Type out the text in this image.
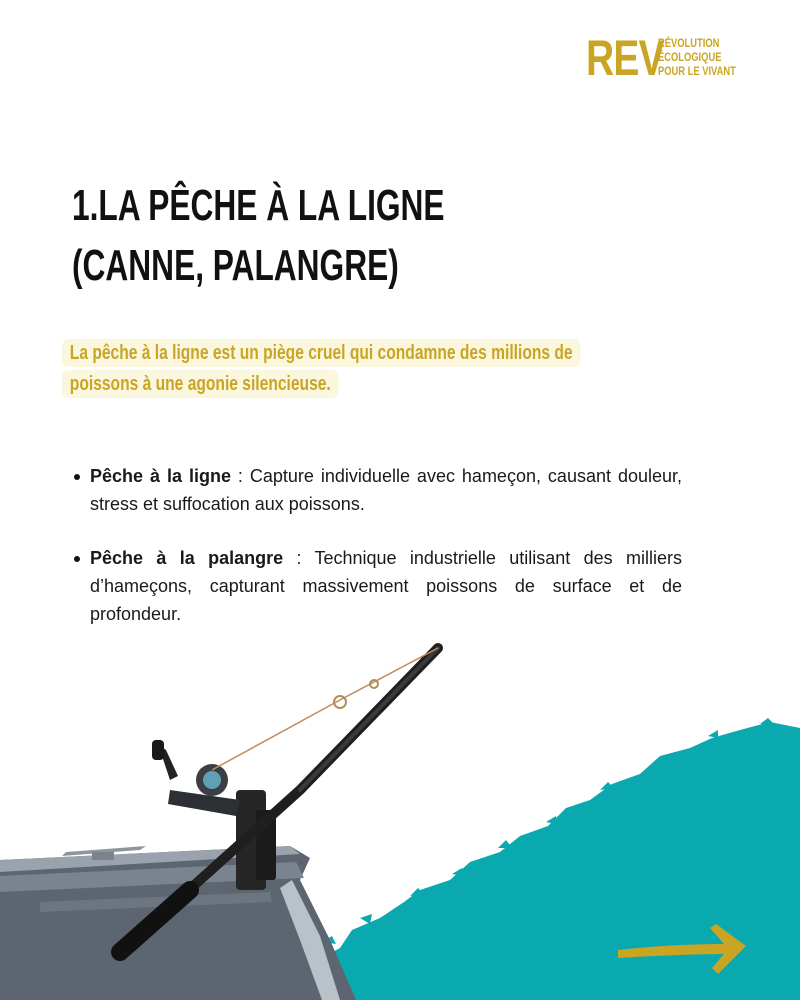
REV
RÉVOLUTION
ÉCOLOGIQUE
POUR LE VIVANT
1.LA PÊCHE À LA LIGNE (CANNE, PALANGRE)
La pêche à la ligne est un piège cruel qui condamne des millions de poissons à une agonie silencieuse.
Pêche à la ligne : Capture individuelle avec hameçon, causant douleur, stress et suffocation aux poissons.
Pêche à la palangre : Technique industrielle utilisant des milliers d’hameçons, capturant massivement poissons de surface et de profondeur.
